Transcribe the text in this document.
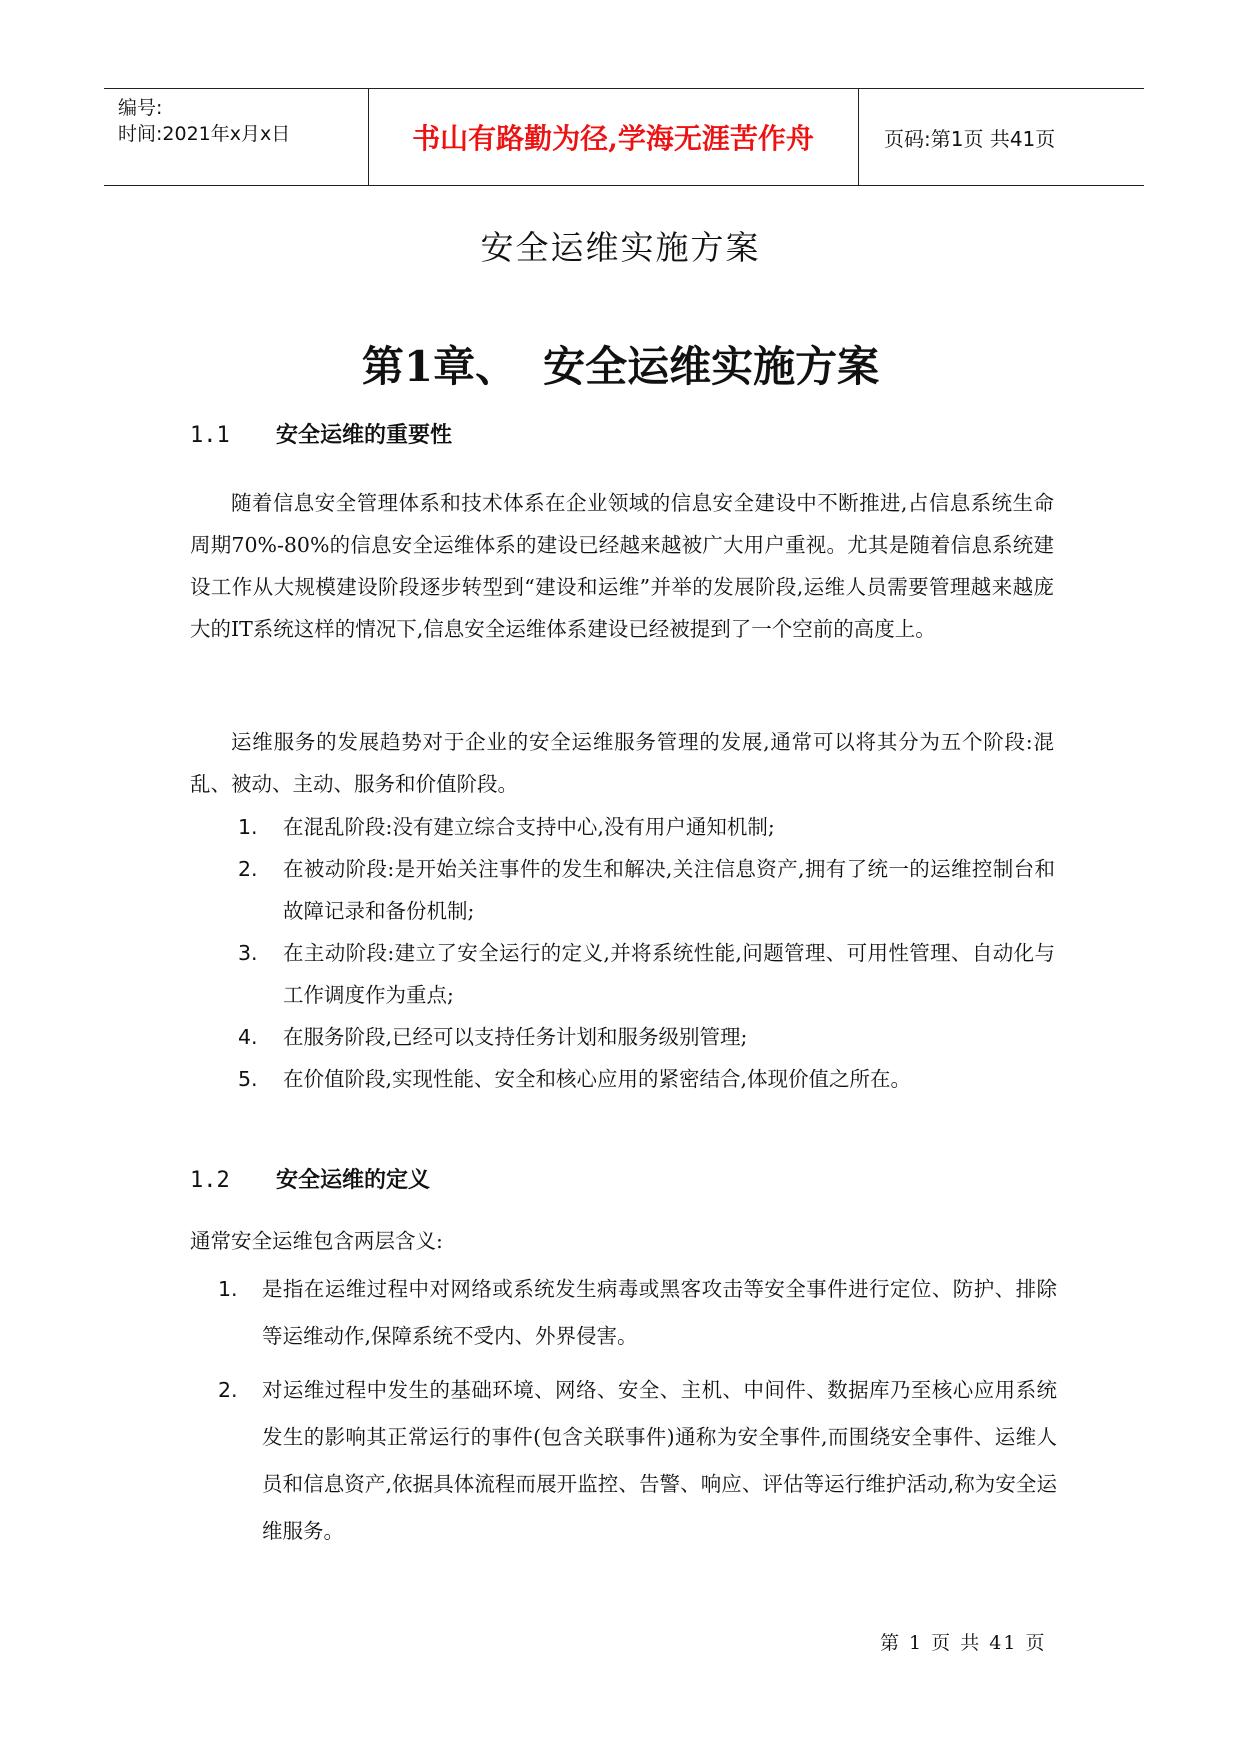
编号:
时间:2021年x月x日	书山有路勤为径,学海无涯苦作舟	页码:第1页 共41页
安全运维实施方案
第1章、 安全运维实施方案
1.1 安全运维的重要性
随着信息安全管理体系和技术体系在企业领域的信息安全建设中不断推进,占信息系统生命周期70%-80%的信息安全运维体系的建设已经越来越被广大用户重视。尤其是随着信息系统建设工作从大规模建设阶段逐步转型到“建设和运维”并举的发展阶段,运维人员需要管理越来越庞大的IT系统这样的情况下,信息安全运维体系建设已经被提到了一个空前的高度上。
运维服务的发展趋势对于企业的安全运维服务管理的发展,通常可以将其分为五个阶段:混乱、被动、主动、服务和价值阶段。
1. 在混乱阶段:没有建立综合支持中心,没有用户通知机制;
2. 在被动阶段:是开始关注事件的发生和解决,关注信息资产,拥有了统一的运维控制台和故障记录和备份机制;
3. 在主动阶段:建立了安全运行的定义,并将系统性能,问题管理、可用性管理、自动化与工作调度作为重点;
4. 在服务阶段,已经可以支持任务计划和服务级别管理;
5. 在价值阶段,实现性能、安全和核心应用的紧密结合,体现价值之所在。
1.2 安全运维的定义
通常安全运维包含两层含义:
1. 是指在运维过程中对网络或系统发生病毒或黑客攻击等安全事件进行定位、防护、排除等运维动作,保障系统不受内、外界侵害。
2. 对运维过程中发生的基础环境、网络、安全、主机、中间件、数据库乃至核心应用系统发生的影响其正常运行的事件(包含关联事件)通称为安全事件,而围绕安全事件、运维人员和信息资产,依据具体流程而展开监控、告警、响应、评估等运行维护活动,称为安全运维服务。
第 1 页 共 41 页
